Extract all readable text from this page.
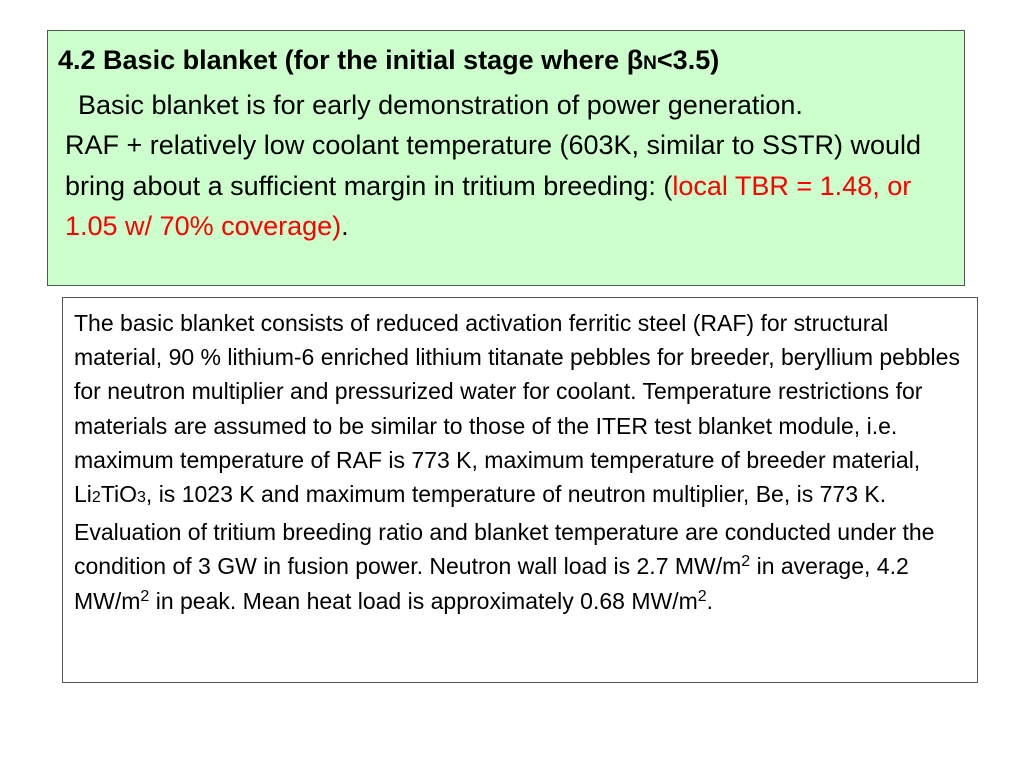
4.2 Basic blanket (for the initial stage where βN<3.5)

Basic blanket is for early demonstration of power generation.

RAF + relatively low coolant temperature (603K, similar to SSTR) would bring about a sufficient margin in tritium breeding: (local TBR = 1.48, or 1.05 w/ 70% coverage).

The basic blanket consists of reduced activation ferritic steel (RAF) for structural material, 90 % lithium-6 enriched lithium titanate pebbles for breeder, beryllium pebbles for neutron multiplier and pressurized water for coolant. Temperature restrictions for materials are assumed to be similar to those of the ITER test blanket module, i.e. maximum temperature of RAF is 773 K, maximum temperature of breeder material, Li2TiO3, is 1023 K and maximum temperature of neutron multiplier, Be, is 773 K. Evaluation of tritium breeding ratio and blanket temperature are conducted under the condition of 3 GW in fusion power. Neutron wall load is 2.7 $MW/m^2$ in average, 4.2 $MW/m^2$ in peak. Mean heat load is approximately 0.68 $MW/m^2$.
